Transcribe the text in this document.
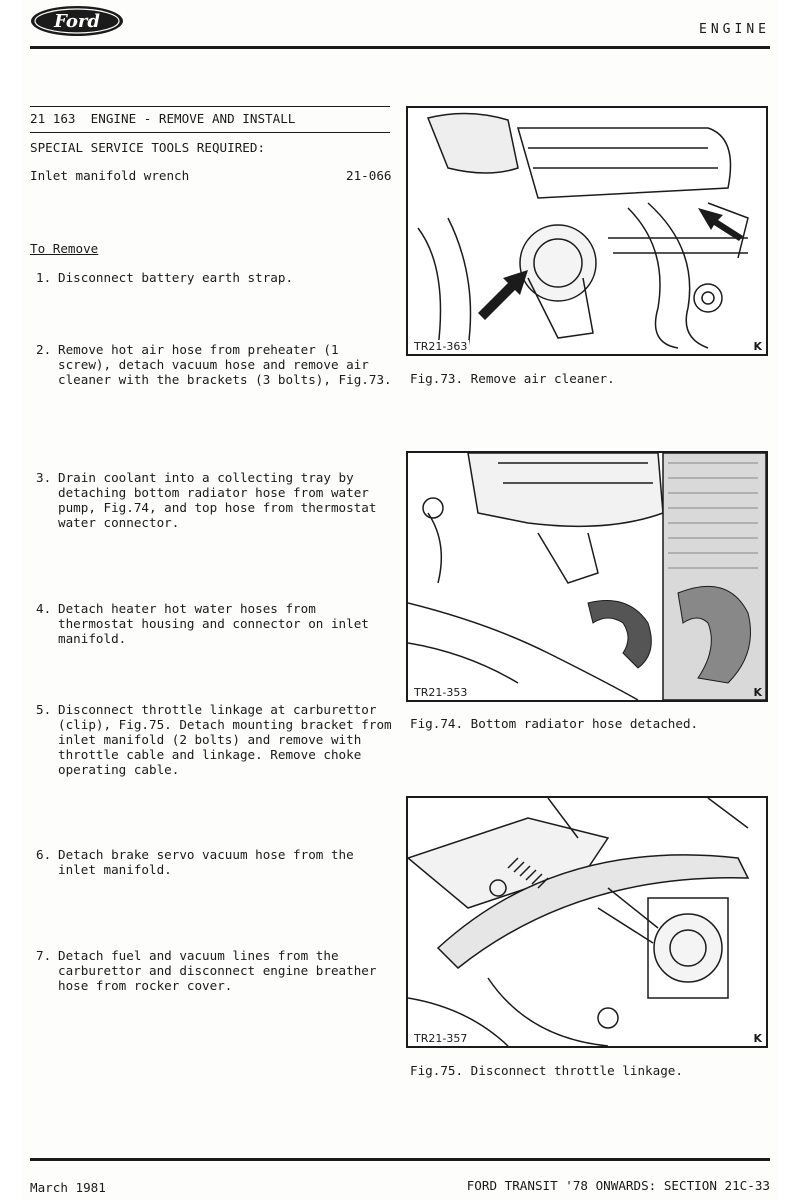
Ford	ENGINE
21 163  ENGINE - REMOVE AND INSTALL
SPECIAL SERVICE TOOLS REQUIRED:
Inlet manifold wrench	21-066
To Remove
1. Disconnect battery earth strap.
2. Remove hot air hose from preheater (1 screw), detach vacuum hose and remove air cleaner with the brackets (3 bolts), Fig.73.
3. Drain coolant into a collecting tray by detaching bottom radiator hose from water pump, Fig.74, and top hose from thermostat water connector.
4. Detach heater hot water hoses from thermostat housing and connector on inlet manifold.
5. Disconnect throttle linkage at carburettor (clip), Fig.75. Detach mounting bracket from inlet manifold (2 bolts) and remove with throttle cable and linkage. Remove choke operating cable.
6. Detach brake servo vacuum hose from the inlet manifold.
7. Detach fuel and vacuum lines from the carburettor and disconnect engine breather hose from rocker cover.
TR21-363	K
Fig.73. Remove air cleaner.
TR21-353	K
Fig.74. Bottom radiator hose detached.
TR21-357	K
Fig.75. Disconnect throttle linkage.
March 1981	FORD TRANSIT '78 ONWARDS: SECTION 21C-33
